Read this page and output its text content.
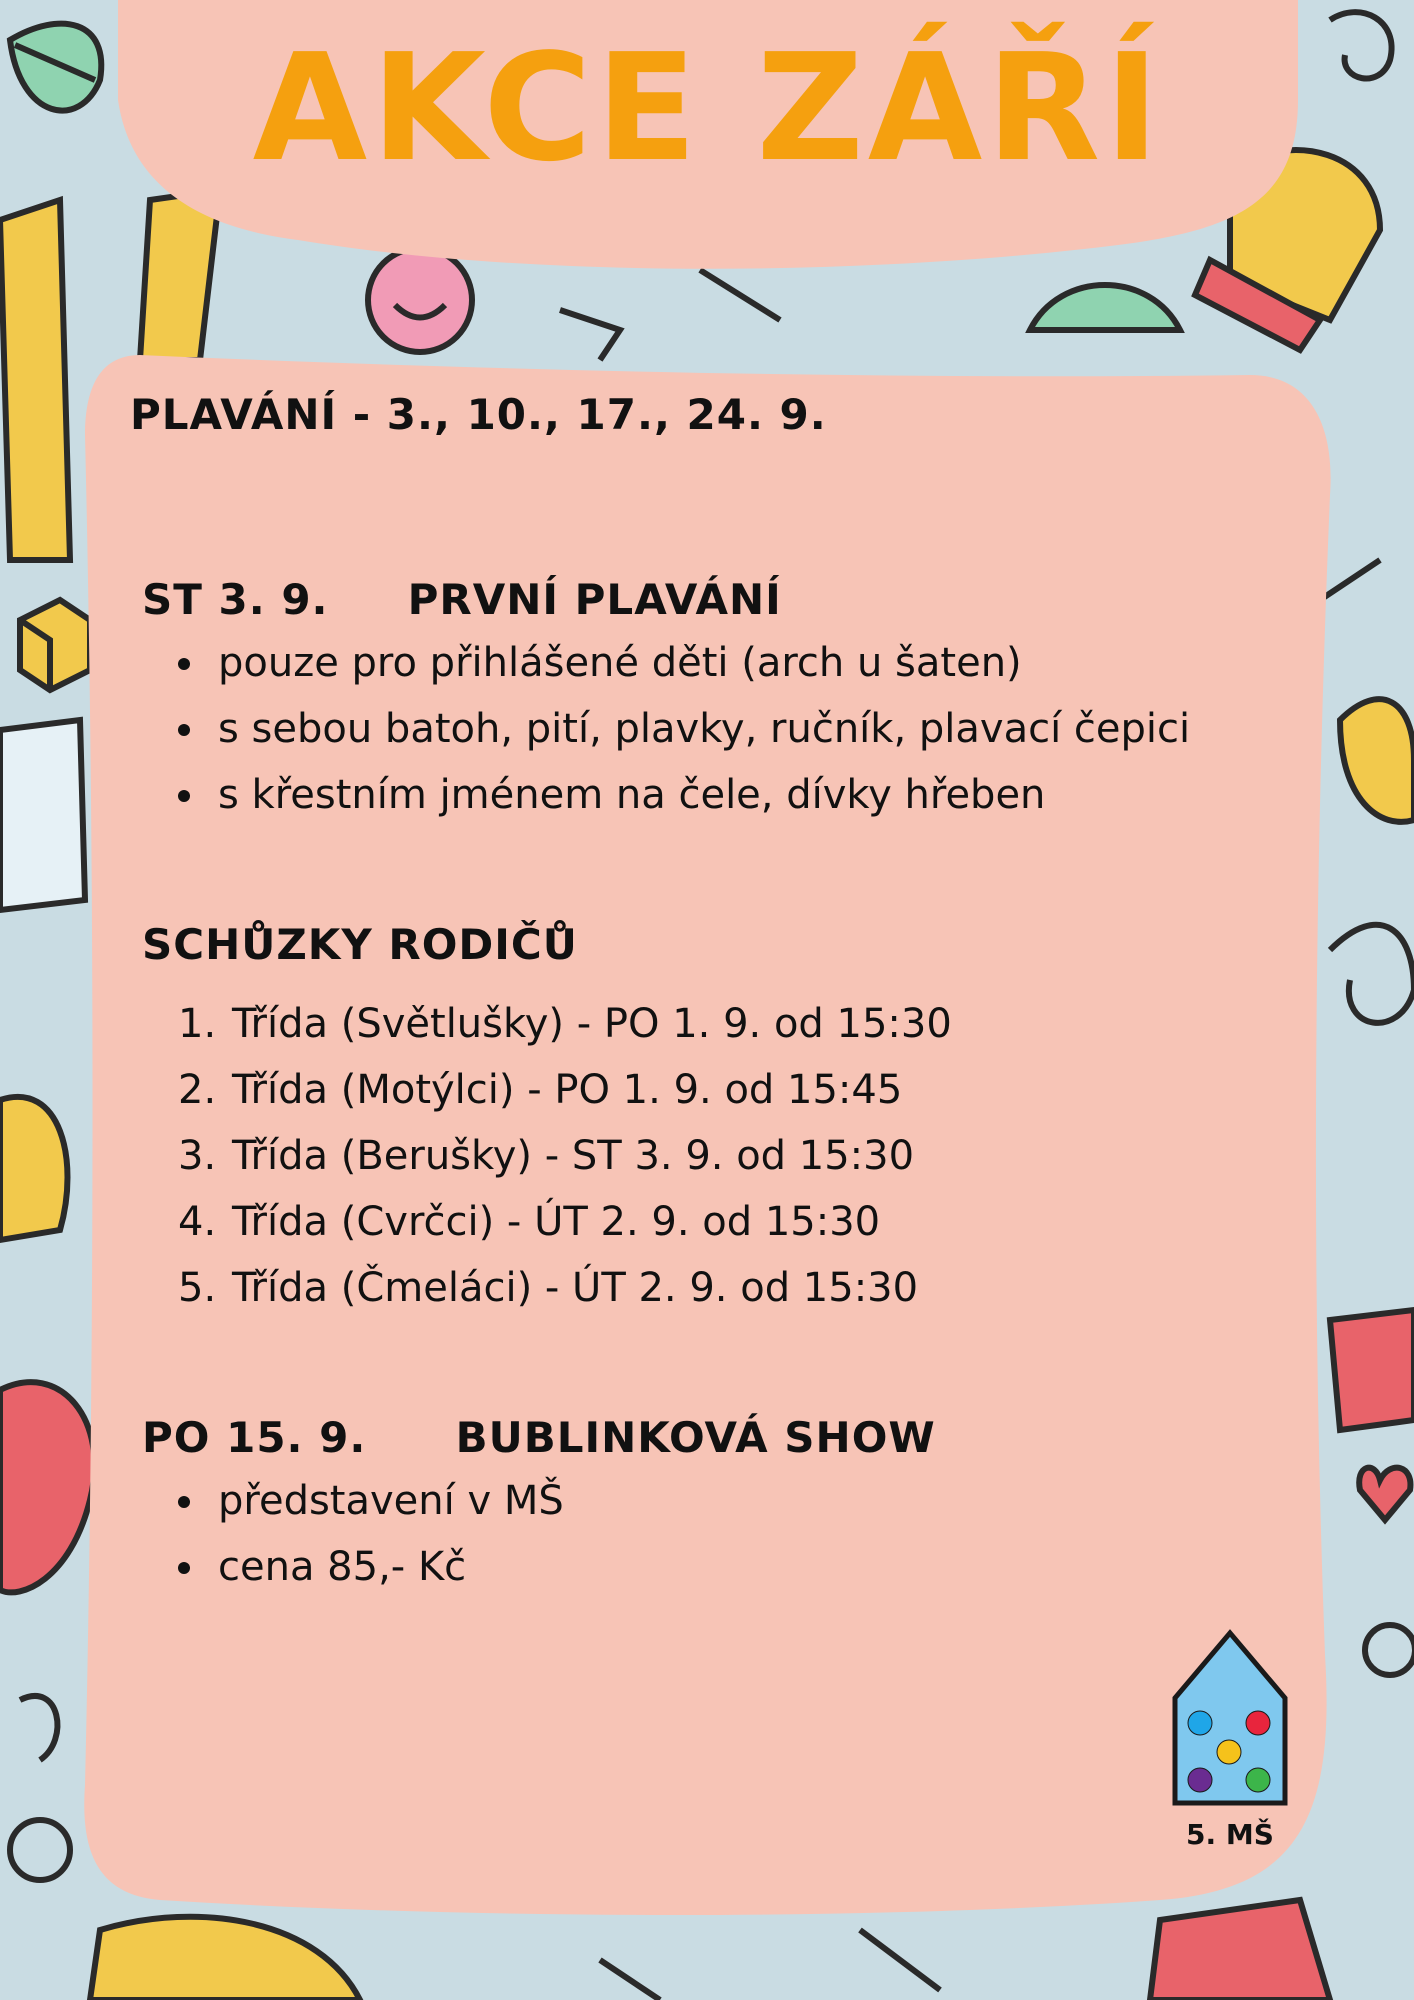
AKCE ZÁŘÍ
PLAVÁNÍ - 3., 10., 17., 24. 9.
ST 3. 9. PRVNÍ PLAVÁNÍ
pouze pro přihlášené děti (arch u šaten)
s sebou batoh, pití, plavky, ručník, plavací čepici
s křestním jménem na čele, dívky hřeben
SCHŮZKY RODIČŮ
1. Třída (Světlušky) - PO 1. 9. od 15:30
2. Třída (Motýlci) - PO 1. 9. od 15:45
3. Třída (Berušky) - ST 3. 9. od 15:30
4. Třída (Cvrčci) - ÚT 2. 9. od 15:30
5. Třída (Čmeláci) - ÚT 2. 9. od 15:30
PO 15. 9. BUBLINKOVÁ SHOW
představení v MŠ
cena 85,- Kč
5. MŠ
